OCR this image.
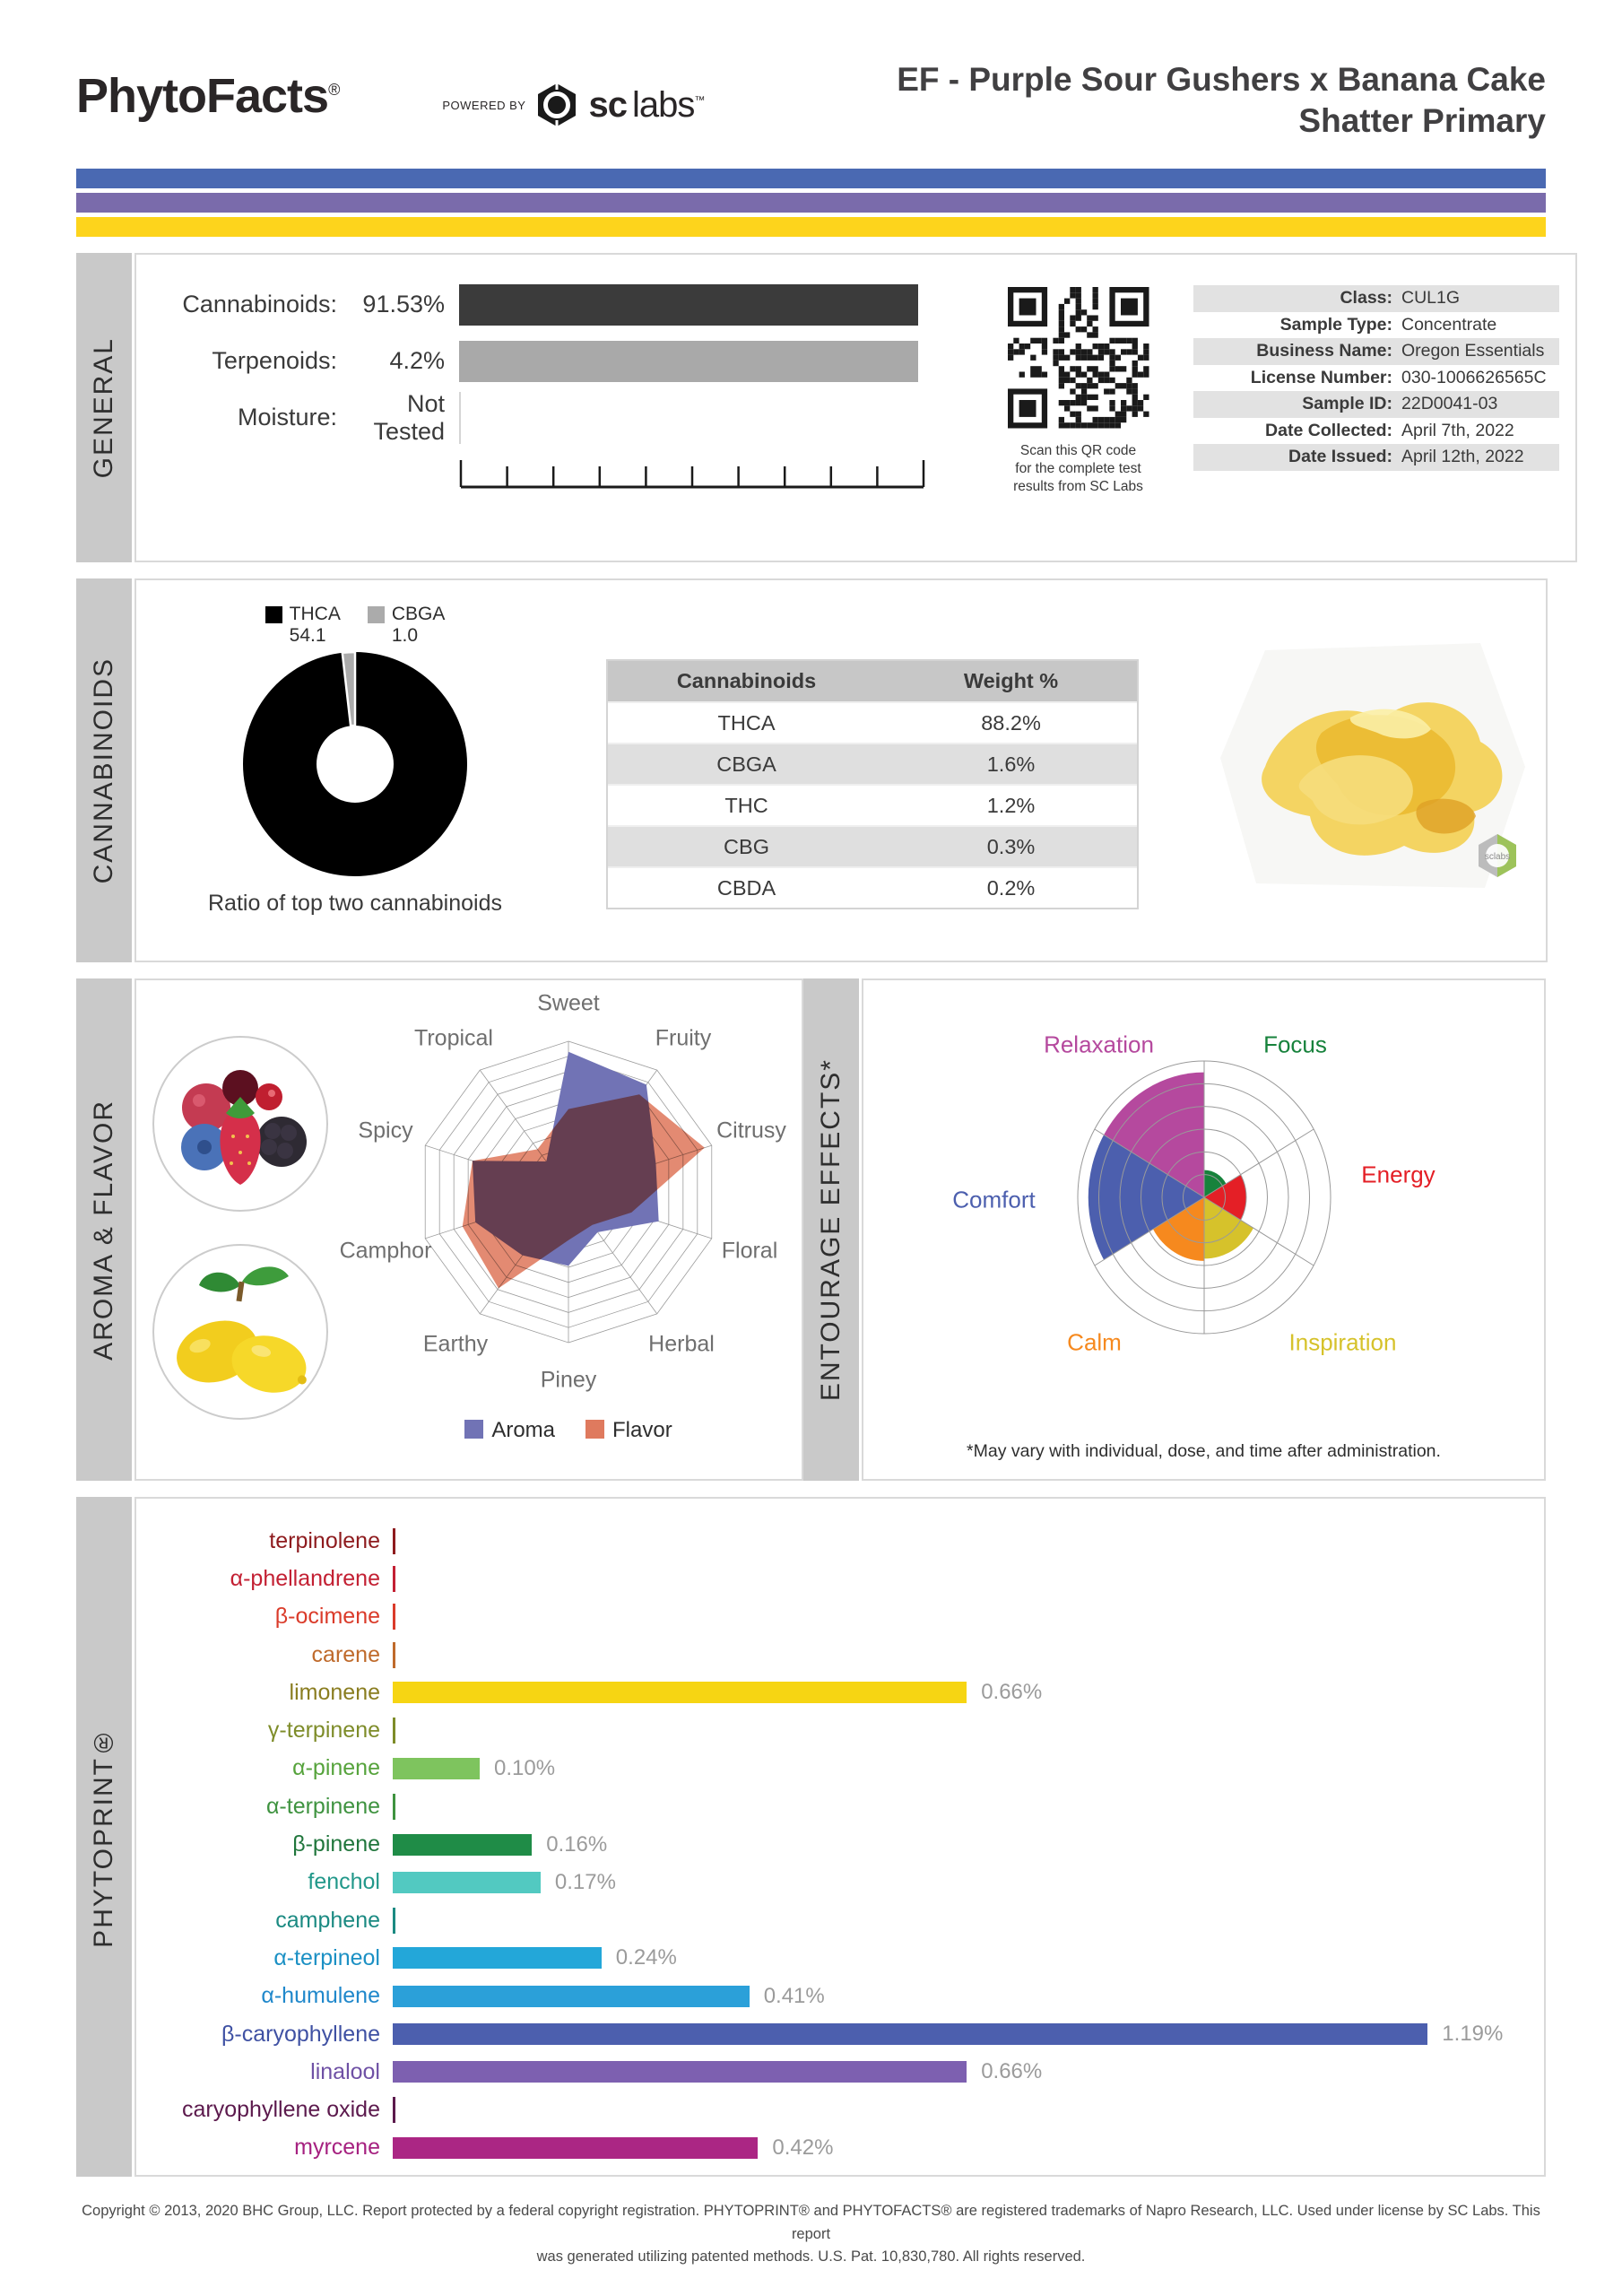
PhytoFacts®
POWERED BY sc labs™
EF - Purple Sour Gushers x Banana Cake
Shatter Primary
GENERAL
Cannabinoids:	91.53%
Terpenoids:	4.2%
Moisture:
Not Tested
Scan this QR code
for the complete test
results from SC Labs
Class: CUL1G
Sample Type: Concentrate
Business Name: Oregon Essentials
License Number: 030-1006626565C
Sample ID: 22D0041-03
Date Collected: April 7th, 2022
Date Issued: April 12th, 2022
CANNABINOIDS
THCA
54.1
CBGA
1.0
Ratio of top two cannabinoids
Cannabinoids	Weight %
THCA	88.2%
CBGA	1.6%
THC	1.2%
CBG	0.3%
CBDA	0.2%
sclabs
AROMA & FLAVOR
Sweet
Fruity
Citrusy
Floral
Herbal
Piney
Earthy
Camphor
Spicy
Tropical
Aroma	Flavor
ENTOURAGE EFFECTS*
Relaxation	Focus
Energy
Inspiration
Calm
Comfort
*May vary with individual, dose, and time after administration.
PHYTOPRINT®
terpinolene
α-phellandrene
β-ocimene
carene
limonene	0.66%
γ-terpinene
α-pinene	0.10%
α-terpinene
β-pinene	0.16%
fenchol	0.17%
camphene
α-terpineol	0.24%
α-humulene	0.41%
β-caryophyllene	1.19%
linalool	0.66%
caryophyllene oxide
myrcene	0.42%
Copyright © 2013, 2020 BHC Group, LLC. Report protected by a federal copyright registration. PHYTOPRINT® and PHYTOFACTS® are registered trademarks of Napro Research, LLC. Used under license by SC Labs. This report
was generated utilizing patented methods. U.S. Pat. 10,830,780. All rights reserved.
